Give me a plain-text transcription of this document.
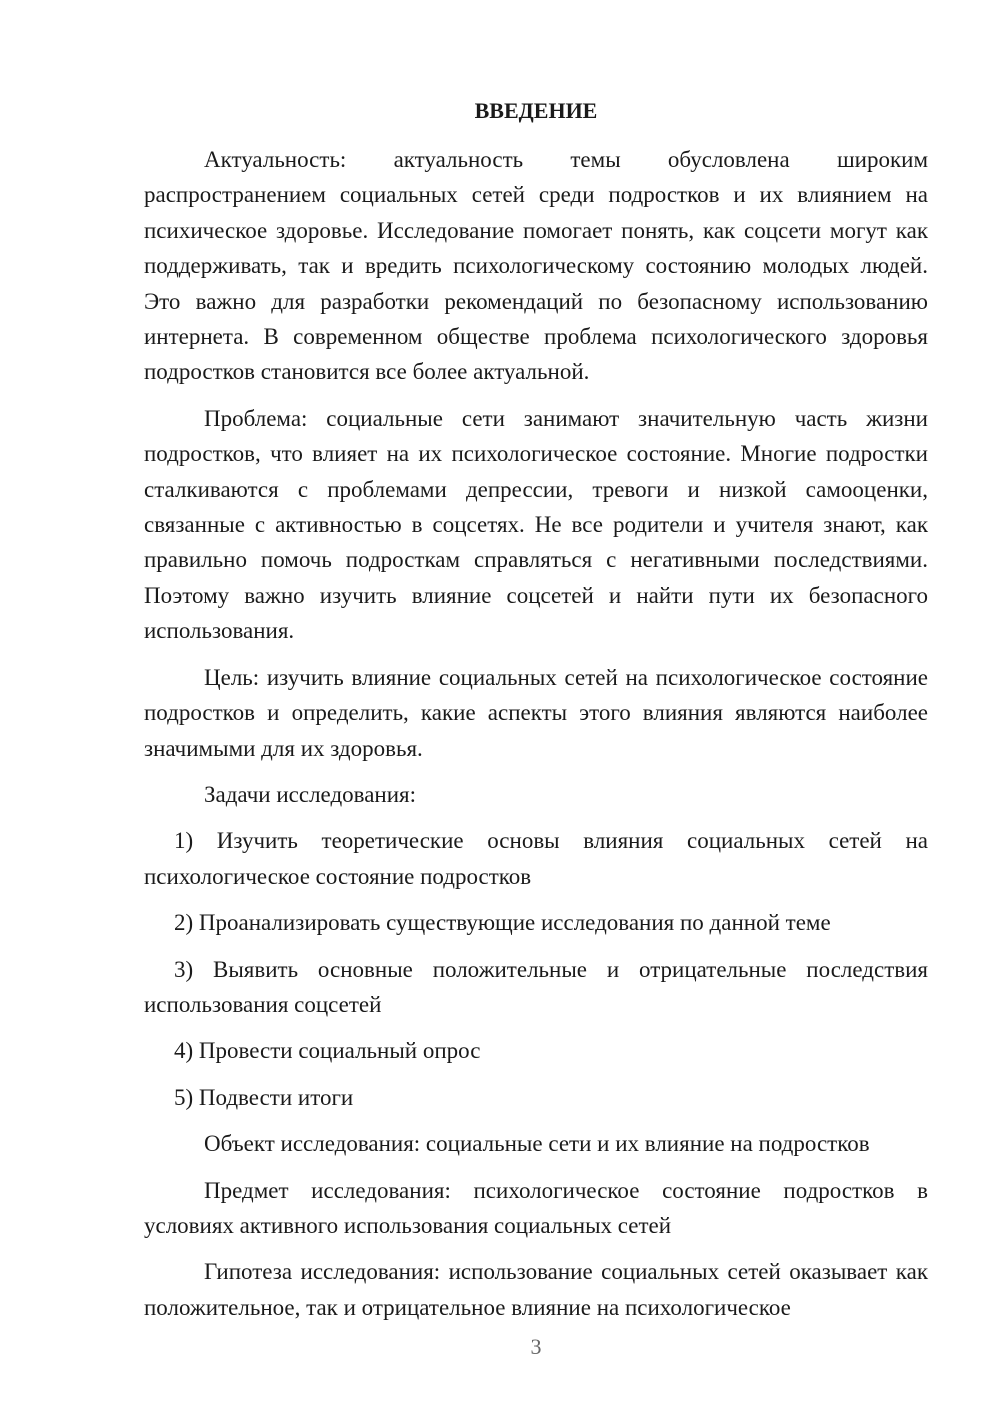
ВВЕДЕНИЕ

Актуальность: актуальность темы обусловлена широким распространением социальных сетей среди подростков и их влиянием на психическое здоровье. Исследование помогает понять, как соцсети могут как поддерживать, так и вредить психологическому состоянию молодых людей. Это важно для разработки рекомендаций по безопасному использованию интернета. В современном обществе проблема психологического здоровья подростков становится все более актуальной.

Проблема: социальные сети занимают значительную часть жизни подростков, что влияет на их психологическое состояние. Многие подростки сталкиваются с проблемами депрессии, тревоги и низкой самооценки, связанные с активностью в соцсетях. Не все родители и учителя знают, как правильно помочь подросткам справляться с негативными последствиями. Поэтому важно изучить влияние соцсетей и найти пути их безопасного использования.

Цель: изучить влияние социальных сетей на психологическое состояние подростков и определить, какие аспекты этого влияния являются наиболее значимыми для их здоровья.

Задачи исследования:

1) Изучить теоретические основы влияния социальных сетей на психологическое состояние подростков

2) Проанализировать существующие исследования по данной теме

3) Выявить основные положительные и отрицательные последствия использования соцсетей

4) Провести социальный опрос

5) Подвести итоги

Объект исследования: социальные сети и их влияние на подростков

Предмет исследования: психологическое состояние подростков в условиях активного использования социальных сетей

Гипотеза исследования: использование социальных сетей оказывает как положительное, так и отрицательное влияние на психологическое

3
